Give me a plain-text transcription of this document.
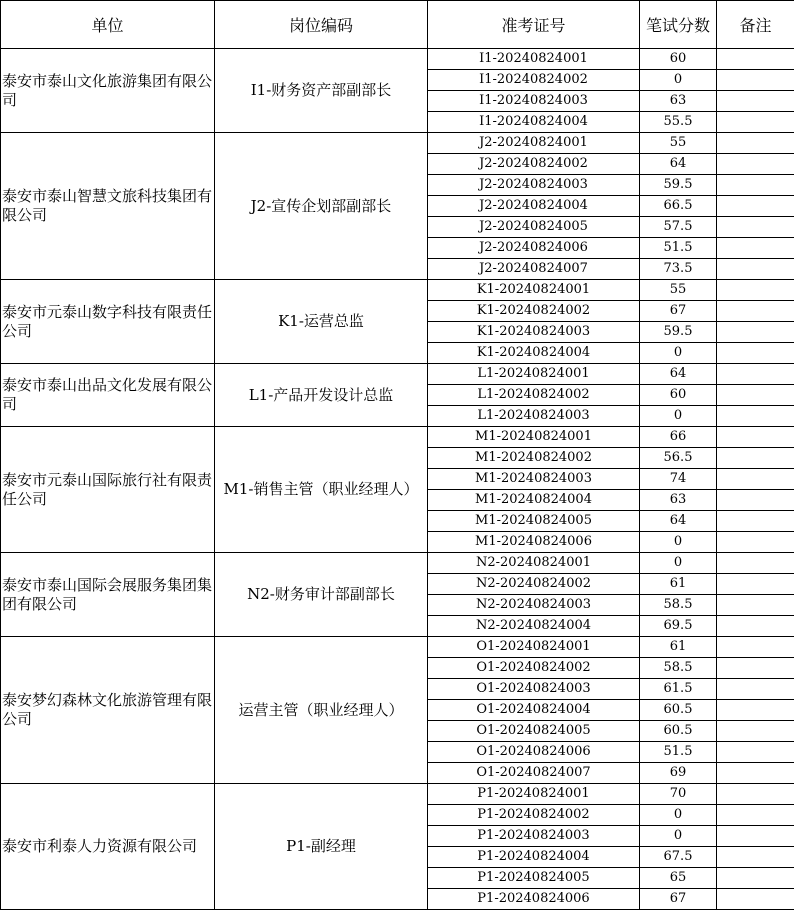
单位	岗位编码	准考证号	笔试分数	备注
泰安市泰山文化旅游集团有限公司	I1-财务资产部副部长	I1-20240824001	60	
		I1-20240824002	0	
		I1-20240824003	63	
		I1-20240824004	55.5	
泰安市泰山智慧文旅科技集团有限公司	J2-宣传企划部副部长	J2-20240824001	55	
		J2-20240824002	64	
		J2-20240824003	59.5	
		J2-20240824004	66.5	
		J2-20240824005	57.5	
		J2-20240824006	51.5	
		J2-20240824007	73.5	
泰安市元泰山数字科技有限责任公司	K1-运营总监	K1-20240824001	55	
		K1-20240824002	67	
		K1-20240824003	59.5	
		K1-20240824004	0	
泰安市泰山出品文化发展有限公司	L1-产品开发设计总监	L1-20240824001	64	
		L1-20240824002	60	
		L1-20240824003	0	
泰安市元泰山国际旅行社有限责任公司	M1-销售主管（职业经理人）	M1-20240824001	66	
		M1-20240824002	56.5	
		M1-20240824003	74	
		M1-20240824004	63	
		M1-20240824005	64	
		M1-20240824006	0	
泰安市泰山国际会展服务集团集团有限公司	N2-财务审计部副部长	N2-20240824001	0	
		N2-20240824002	61	
		N2-20240824003	58.5	
		N2-20240824004	69.5	
泰安梦幻森林文化旅游管理有限公司	运营主管（职业经理人）	O1-20240824001	61	
		O1-20240824002	58.5	
		O1-20240824003	61.5	
		O1-20240824004	60.5	
		O1-20240824005	60.5	
		O1-20240824006	51.5	
		O1-20240824007	69	
泰安市利泰人力资源有限公司	P1-副经理	P1-20240824001	70	
		P1-20240824002	0	
		P1-20240824003	0	
		P1-20240824004	67.5	
		P1-20240824005	65	
		P1-20240824006	67	
